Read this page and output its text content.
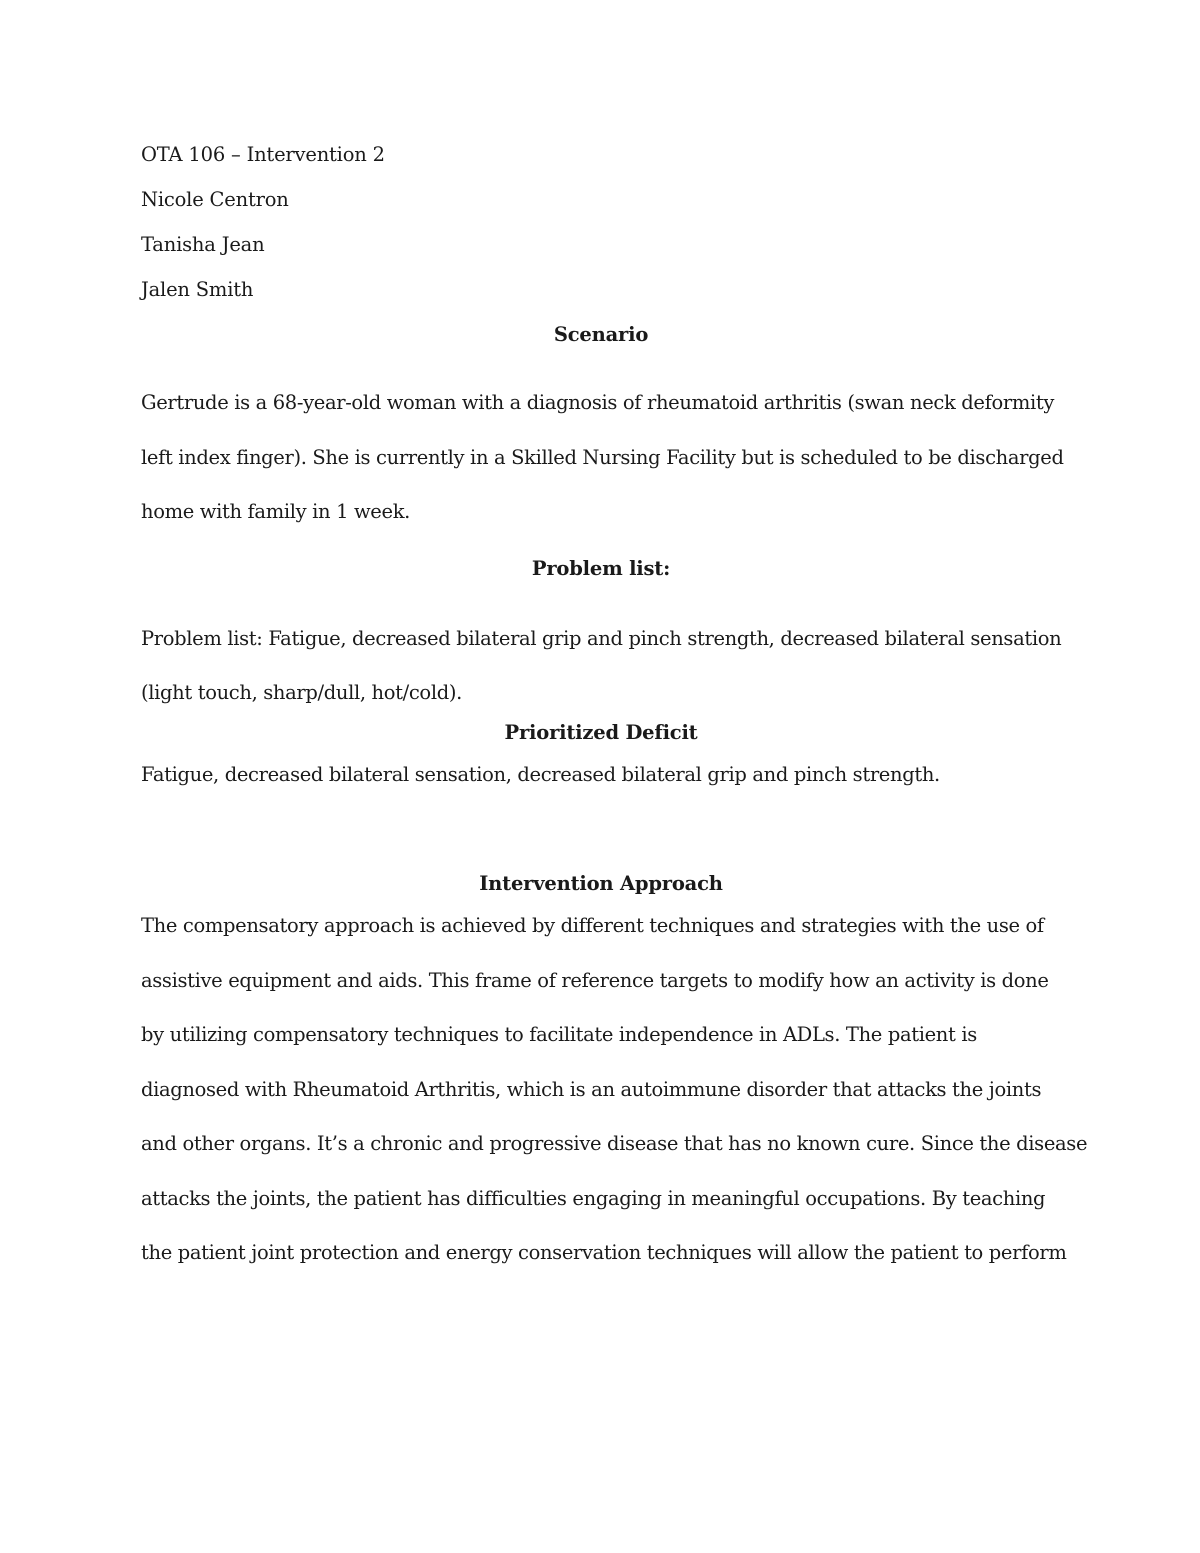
OTA 106 – Intervention 2

Nicole Centron

Tanisha Jean

Jalen Smith

Scenario

Gertrude is a 68-year-old woman with a diagnosis of rheumatoid arthritis (swan neck deformity
left index finger). She is currently in a Skilled Nursing Facility but is scheduled to be discharged
home with family in 1 week.

Problem list:

Problem list: Fatigue, decreased bilateral grip and pinch strength, decreased bilateral sensation
(light touch, sharp/dull, hot/cold).

Prioritized Deficit

Fatigue, decreased bilateral sensation, decreased bilateral grip and pinch strength.

Intervention Approach

The compensatory approach is achieved by different techniques and strategies with the use of
assistive equipment and aids. This frame of reference targets to modify how an activity is done
by utilizing compensatory techniques to facilitate independence in ADLs. The patient is
diagnosed with Rheumatoid Arthritis, which is an autoimmune disorder that attacks the joints
and other organs. It’s a chronic and progressive disease that has no known cure. Since the disease
attacks the joints, the patient has difficulties engaging in meaningful occupations. By teaching
the patient joint protection and energy conservation techniques will allow the patient to perform
